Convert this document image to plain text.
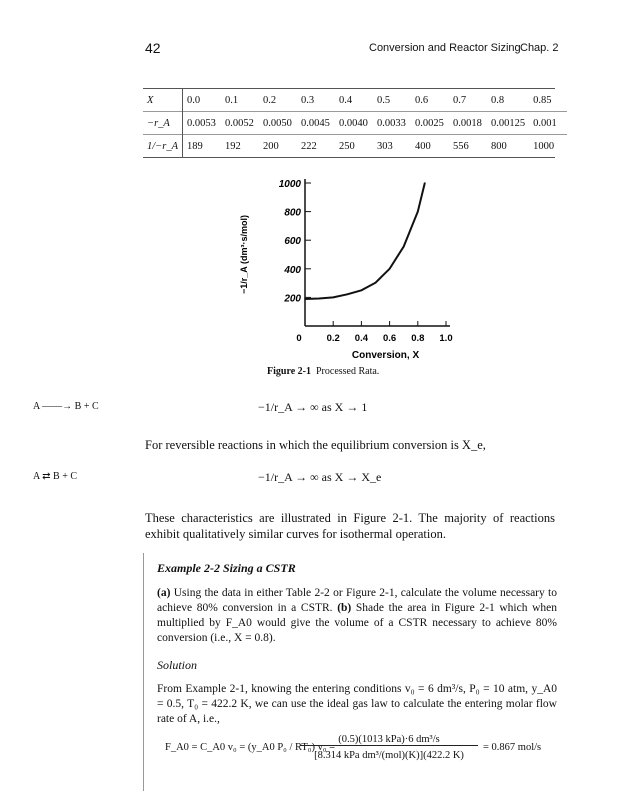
42	Conversion and Reactor Sizing Chap. 2
X	0.0	0.1	0.2	0.3	0.4	0.5	0.6	0.7	0.8	0.85
−r_A	0.0053	0.0052	0.0050	0.0045	0.0040	0.0033	0.0025	0.0018	0.00125	0.001
1/−r_A	189	192	200	222	250	303	400	556	800	1000
200
400
600
800
1000
0	0.2 0.4 0.6 0.8 1.0
Conversion, X
−1/r_A (dm³·s/mol)
Figure 2-1 Processed Rata.
A ——→ B + C	−1/r_A → ∞ as X → 1
For reversible reactions in which the equilibrium conversion is X_e,
A ⇄ B + C	−1/r_A → ∞ as X → X_e
These characteristics are illustrated in Figure 2-1. The majority of reactions exhibit qualitatively similar curves for isothermal operation.
Example 2-2 Sizing a CSTR
(a) Using the data in either Table 2-2 or Figure 2-1, calculate the volume necessary to achieve 80% conversion in a CSTR. (b) Shade the area in Figure 2-1 which when multiplied by F_A0 would give the volume of a CSTR necessary to achieve 80% conversion (i.e., X = 0.8).
Solution
From Example 2-1, knowing the entering conditions v₀ = 6 dm³/s, P₀ = 10 atm, y_A0 = 0.5, T₀ = 422.2 K, we can use the ideal gas law to calculate the entering molar flow rate of A, i.e.,
F_A0 = C_A0 v₀ = (y_A0 P₀ / RT₀) v₀ =
(0.5)(1013 kPa)·6 dm³/s
[8.314 kPa dm³/(mol)(K)](422.2 K)
= 0.867 mol/s
